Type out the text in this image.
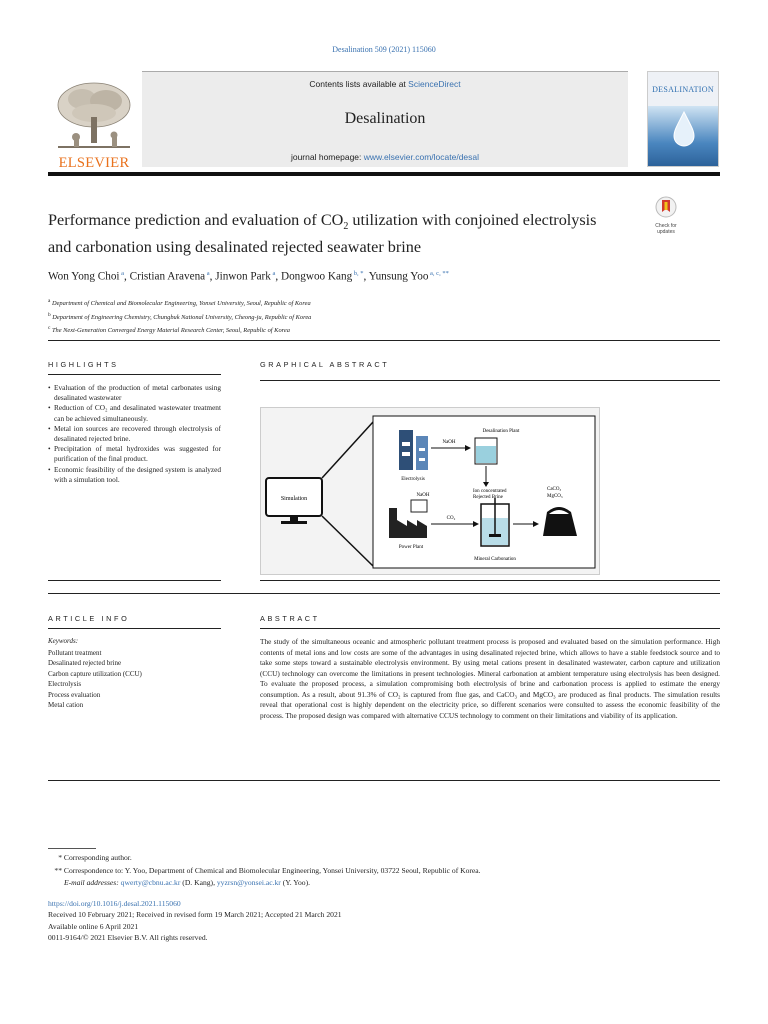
Desalination 509 (2021) 115060
ELSEVIER
Contents lists available at ScienceDirect
Desalination
journal homepage: www.elsevier.com/locate/desal
DESALINATION
Performance prediction and evaluation of $CO_2$ utilization with conjoined electrolysis and carbonation using desalinated rejected seawater brine
Check for
updates
Won Yong Choi $^a$, Cristian Aravena $^a$, Jinwon Park $^a$, Dongwoo Kang $^{b, *}$, Yunsung Yoo $^{a, c, **}$
$^a$ Department of Chemical and Biomolecular Engineering, Yonsei University, Seoul, Republic of Korea
$^b$ Department of Engineering Chemistry, Chungbuk National University, Cheong-ju, Republic of Korea
$^c$ The Next-Generation Converged Energy Material Research Center, Seoul, Republic of Korea
HIGHLIGHTS	GRAPHICAL ABSTRACT
• Evaluation of the production of metal carbonates using desalinated wastewater
• Reduction of CO₂ and desalinated wastewater treatment can be achieved simultaneously.
• Metal ion sources are recovered through electrolysis of desalinated rejected brine.
• Precipitation of metal hydroxides was suggested for purification of the final product.
• Economic feasibility of the designed system is analyzed with a simulation tool.
Simulation
Electrolysis
NaOH
Desalination Plant
Ion concentrated
Rejected Brine
NaOH
Power Plant
CO₂
Mineral Carbonation
CaCO₃
MgCO₃
ARTICLE INFO	ABSTRACT
Keywords:
Pollutant treatment
Desalinated rejected brine
Carbon capture utilization (CCU)
Electrolysis
Process evaluation
Metal cation
The study of the simultaneous oceanic and atmospheric pollutant treatment process is proposed and evaluated based on the simulation performance. High contents of metal ions and low costs are some of the advantages in using desalinated rejected brine, which allows to have a stable feedstock source and to take some steps toward a sustainable electrolysis environment. By using metal cations present in desalinated wastewater, carbon capture and utilization (CCU) technology can overcome the limitations in present technologies. Mineral carbonation at ambient temperature using electrolysis has been designed. To evaluate the proposed process, a simulation compromising both electrolysis of brine and carbonation process is applied to estimate the energy consumption. As a result, about 91.3% of CO₂ is captured from flue gas, and CaCO₃ and MgCO₃ are produced as final products. The simulation results reveal that operational cost is highly dependent on the electricity price, so different scenarios were consulted to assess the economic feasibility of the process. The proposed design was compared with alternative CCUS technology to comment on their limitations and viability of its application.
* Corresponding author.
** Correspondence to: Y. Yoo, Department of Chemical and Biomolecular Engineering, Yonsei University, 03722 Seoul, Republic of Korea.
E-mail addresses: qwerty@cbnu.ac.kr (D. Kang), yyzrsn@yonsei.ac.kr (Y. Yoo).
https://doi.org/10.1016/j.desal.2021.115060
Received 10 February 2021; Received in revised form 19 March 2021; Accepted 21 March 2021
Available online 6 April 2021
0011-9164/© 2021 Elsevier B.V. All rights reserved.
